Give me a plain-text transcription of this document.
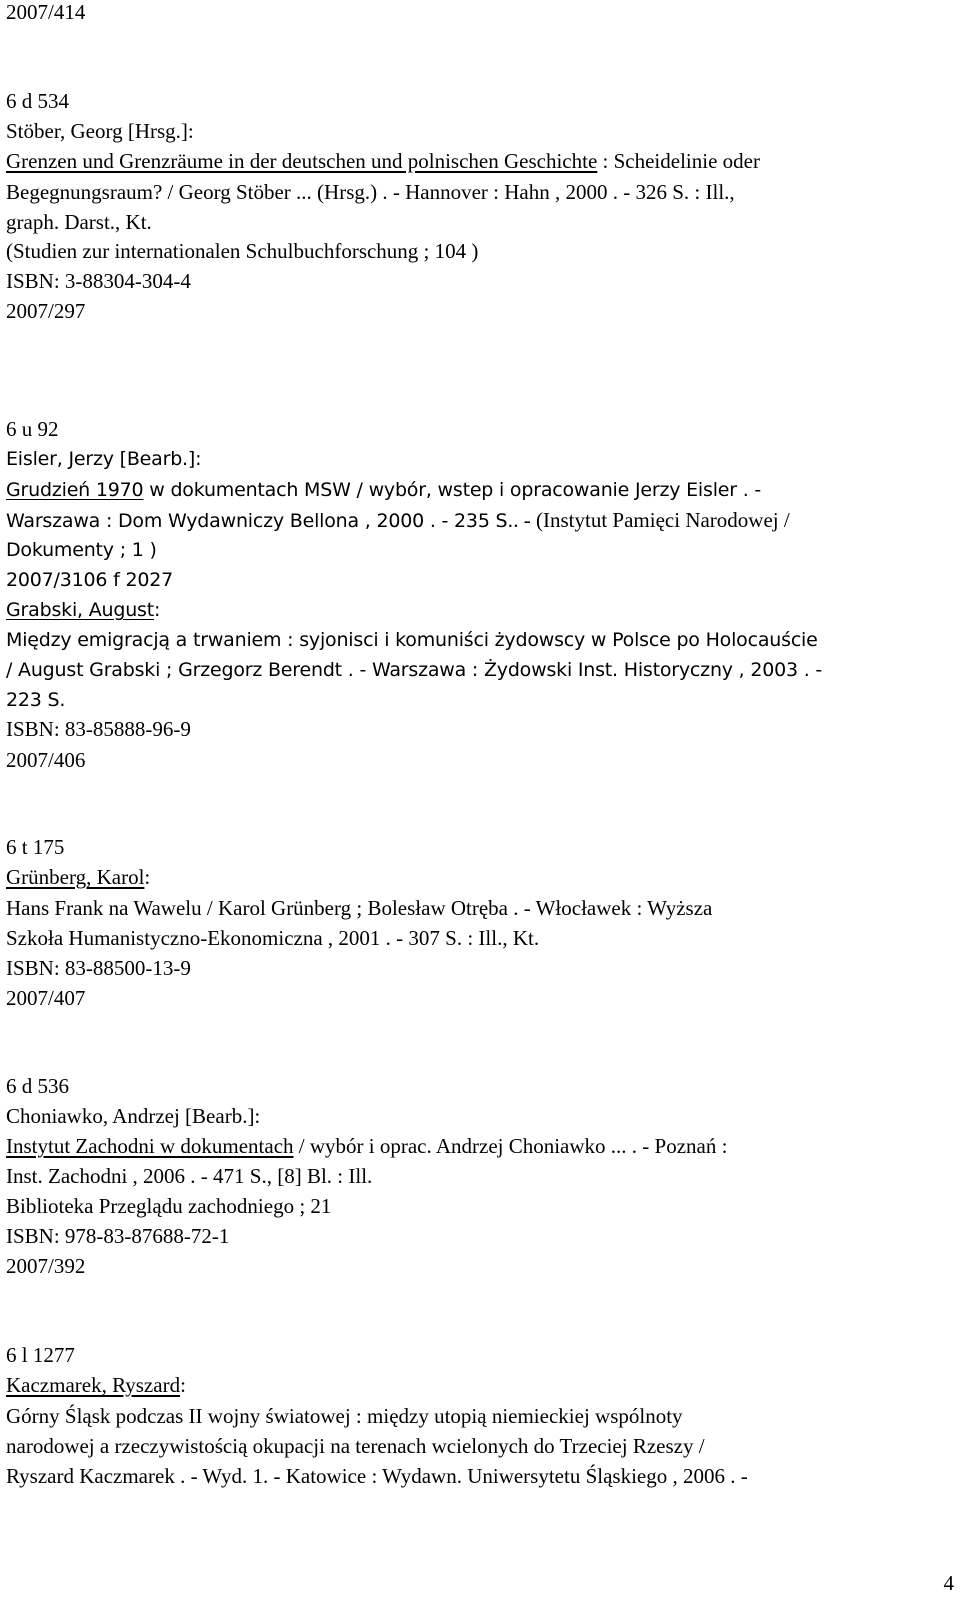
2007/414
6 d 534
Stöber, Georg [Hrsg.]:
Grenzen und Grenzräume in der deutschen und polnischen Geschichte : Scheidelinie oder
Begegnungsraum? / Georg Stöber ... (Hrsg.) . - Hannover : Hahn , 2000 . - 326 S. : Ill.,
graph. Darst., Kt.
(Studien zur internationalen Schulbuchforschung ; 104 )
ISBN: 3-88304-304-4
2007/297
6 u 92
Eisler, Jerzy [Bearb.]:
Grudzień 1970 w dokumentach MSW / wybór, wstep i opracowanie Jerzy Eisler . -
Warszawa : Dom Wydawniczy Bellona , 2000 . - 235 S.. - (Instytut Pamięci Narodowej /
Dokumenty ; 1 )
2007/3106 f 2027
Grabski, August:
Między emigracją a trwaniem : syjonisci i komuniści żydowscy w Polsce po Holocauście
/ August Grabski ; Grzegorz Berendt . - Warszawa : Żydowski Inst. Historyczny , 2003 . -
223 S.
ISBN: 83-85888-96-9
2007/406
6 t 175
Grünberg, Karol:
Hans Frank na Wawelu / Karol Grünberg ; Bolesław Otręba . - Włocławek : Wyższa
Szkoła Humanistyczno-Ekonomiczna , 2001 . - 307 S. : Ill., Kt.
ISBN: 83-88500-13-9
2007/407
6 d 536
Choniawko, Andrzej [Bearb.]:
Instytut Zachodni w dokumentach / wybór i oprac. Andrzej Choniawko ... . - Poznań :
Inst. Zachodni , 2006 . - 471 S., [8] Bl. : Ill.
Biblioteka Przeglądu zachodniego ; 21
ISBN: 978-83-87688-72-1
2007/392
6 l 1277
Kaczmarek, Ryszard:
Górny Śląsk podczas II wojny światowej : między utopią niemieckiej wspólnoty
narodowej a rzeczywistością okupacji na terenach wcielonych do Trzeciej Rzeszy /
Ryszard Kaczmarek . - Wyd. 1. - Katowice : Wydawn. Uniwersytetu Śląskiego , 2006 . -
4
